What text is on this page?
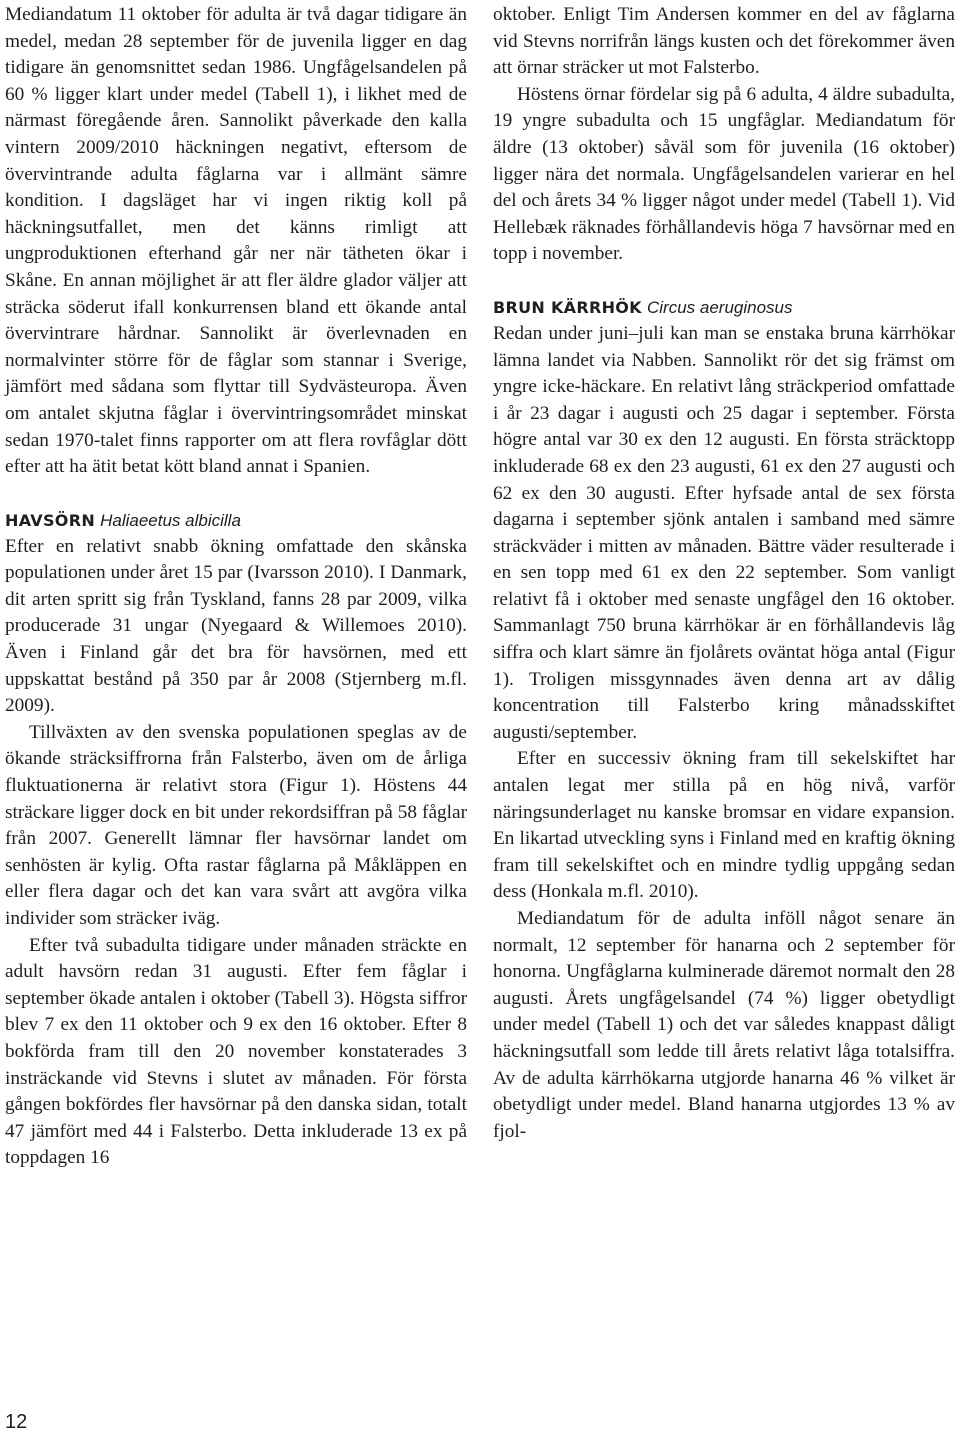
Mediandatum 11 oktober för adulta är två dagar tidigare än medel, medan 28 september för de juvenila ligger en dag tidigare än genomsnittet sedan 1986. Ungfågelsandelen på 60 % ligger klart under medel (Tabell 1), i likhet med de närmast föregående åren. Sannolikt påverkade den kalla vintern 2009/2010 häckningen negativt, eftersom de övervintrande adulta fåglarna var i allmänt sämre kondition. I dagsläget har vi ingen riktig koll på häckningsutfallet, men det känns rimligt att ungproduktionen efterhand går ner när tätheten ökar i Skåne. En annan möjlighet är att fler äldre glador väljer att sträcka söderut ifall konkurrensen bland ett ökande antal övervintrare hårdnar. Sannolikt är överlevnaden en normalvinter större för de fåglar som stannar i Sverige, jämfört med sådana som flyttar till Sydvästeuropa. Även om antalet skjutna fåglar i övervintringsområdet minskat sedan 1970-talet finns rapporter om att flera rovfåglar dött efter att ha ätit betat kött bland annat i Spanien.

HAVSÖRN Haliaeetus albicilla

Efter en relativt snabb ökning omfattade den skånska populationen under året 15 par (Ivarsson 2010). I Danmark, dit arten spritt sig från Tyskland, fanns 28 par 2009, vilka producerade 31 ungar (Nyegaard & Willemoes 2010). Även i Finland går det bra för havsörnen, med ett uppskattat bestånd på 350 par år 2008 (Stjernberg m.fl. 2009).

Tillväxten av den svenska populationen speglas av de ökande sträcksiffrorna från Falsterbo, även om de årliga fluktuationerna är relativt stora (Figur 1). Höstens 44 sträckare ligger dock en bit under rekordsiffran på 58 fåglar från 2007. Generellt lämnar fler havsörnar landet om senhösten är kylig. Ofta rastar fåglarna på Måkläppen en eller flera dagar och det kan vara svårt att avgöra vilka individer som sträcker iväg.

Efter två subadulta tidigare under månaden sträckte en adult havsörn redan 31 augusti. Efter fem fåglar i september ökade antalen i oktober (Tabell 3). Högsta siffror blev 7 ex den 11 oktober och 9 ex den 16 oktober. Efter 8 bokförda fram till den 20 november konstaterades 3 insträckande vid Stevns i slutet av månaden. För första gången bokfördes fler havsörnar på den danska sidan, totalt 47 jämfört med 44 i Falsterbo. Detta inkluderade 13 ex på toppdagen 16

oktober. Enligt Tim Andersen kommer en del av fåglarna vid Stevns norrifrån längs kusten och det förekommer även att örnar sträcker ut mot Falsterbo.

Höstens örnar fördelar sig på 6 adulta, 4 äldre subadulta, 19 yngre subadulta och 15 ungfåglar. Mediandatum för äldre (13 oktober) såväl som för juvenila (16 oktober) ligger nära det normala. Ungfågelsandelen varierar en hel del och årets 34 % ligger något under medel (Tabell 1). Vid Hellebæk räknades förhållandevis höga 7 havsörnar med en topp i november.

BRUN KÄRRHÖK Circus aeruginosus

Redan under juni–juli kan man se enstaka bruna kärrhökar lämna landet via Nabben. Sannolikt rör det sig främst om yngre icke-häckare. En relativt lång sträckperiod omfattade i år 23 dagar i augusti och 25 dagar i september. Första högre antal var 30 ex den 12 augusti. En första sträcktopp inkluderade 68 ex den 23 augusti, 61 ex den 27 augusti och 62 ex den 30 augusti. Efter hyfsade antal de sex första dagarna i september sjönk antalen i samband med sämre sträckväder i mitten av månaden. Bättre väder resulterade i en sen topp med 61 ex den 22 september. Som vanligt relativt få i oktober med senaste ungfågel den 16 oktober. Sammanlagt 750 bruna kärrhökar är en förhållandevis låg siffra och klart sämre än fjolårets oväntat höga antal (Figur 1). Troligen missgynnades även denna art av dålig koncentration till Falsterbo kring månadsskiftet augusti/september.

Efter en successiv ökning fram till sekelskiftet har antalen legat mer stilla på en hög nivå, varför näringsunderlaget nu kanske bromsar en vidare expansion. En likartad utveckling syns i Finland med en kraftig ökning fram till sekelskiftet och en mindre tydlig uppgång sedan dess (Honkala m.fl. 2010).

Mediandatum för de adulta inföll något senare än normalt, 12 september för hanarna och 2 september för honorna. Ungfåglarna kulminerade däremot normalt den 28 augusti. Årets ungfågelsandel (74 %) ligger obetydligt under medel (Tabell 1) och det var således knappast dåligt häckningsutfall som ledde till årets relativt låga totalsiffra. Av de adulta kärrhökarna utgjorde hanarna 46 % vilket är obetydligt under medel. Bland hanarna utgjordes 13 % av fjol-

12
